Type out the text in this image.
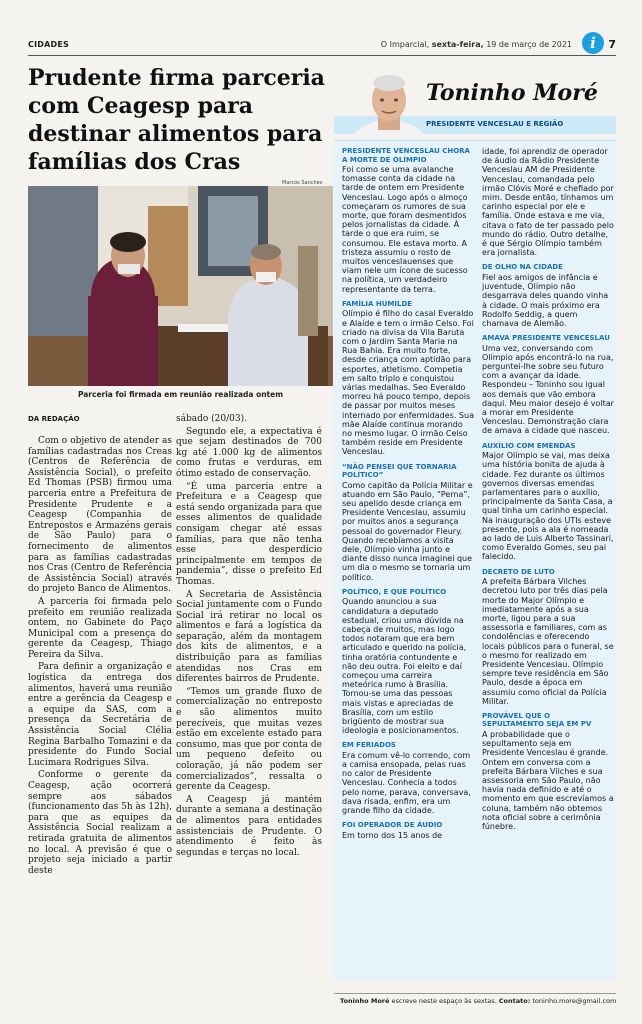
CIDADES	O Imparcial, sexta-feira, 19 de março de 2021	i	7
Prudente firma parceria com Ceagesp para destinar alimentos para famílias dos Cras
Marcos Sanches
Parceria foi firmada em reunião realizada ontem
DA REDAÇÃO

Com o objetivo de atender as famílias cadastradas nos Creas (Centros de Referência de Assistência Social), o prefeito Ed Thomas (PSB) firmou uma parceria entre a Prefeitura de Presidente Prudente e a Ceagesp (Companhia de Entrepostos e Armazéns gerais de São Paulo) para o fornecimento de alimentos para as famílias cadastradas nos Cras (Centro de Referência de Assistência Social) através do projeto Banco de Alimentos.

A parceria foi firmada pelo prefeito em reunião realizada ontem, no Gabinete do Paço Municipal com a presença do gerente da Ceagesp, Thiago Pereira da Silva.

Para definir a organização e logística da entrega dos alimentos, haverá uma reunião entre a gerência da Ceagesp e a equipe da SAS, com a presença da Secretária de Assistência Social Clélia Regina Barbalho Tomazini e da presidente do Fundo Social Lucimara Rodrigues Silva.

Conforme o gerente da Ceagesp, ação ocorrerá sempre aos sábados (funcionamento das 5h às 12h), para que as equipes da Assistência Social realizam a retirada gratuita de alimentos no local. A previsão é que o projeto seja iniciado a partir deste

sábado (20/03).

Segundo ele, a expectativa é que sejam destinados de 700 kg até 1.000 kg de alimentos como frutas e verduras, em ótimo estado de conservação.

“É uma parceria entre a Prefeitura e a Ceagesp que está sendo organizada para que esses alimentos de qualidade consigam chegar até essas famílias, para que não tenha esse desperdício principalmente em tempos de pandemia”, disse o prefeito Ed Thomas.

A Secretaria de Assistência Social juntamente com o Fundo Social irá retirar no local os alimentos e fará a logística da separação, além da montagem dos kits de alimentos, e a distribuição para as famílias atendidas nos Cras em diferentes bairros de Prudente.

“Temos um grande fluxo de comercialização no entreposto e são alimentos muito perecíveis, que muitas vezes estão em excelente estado para consumo, mas que por conta de um pequeno defeito ou coloração, já não podem ser comercializados”, ressalta o gerente da Ceagesp.

A Ceagesp já mantém durante a semana a destinação de alimentos para entidades assistenciais de Prudente. O atendimento é feito às segundas e terças no local.

Toninho Moré
PRESIDENTE VENCESLAU E REGIÃO
PRESIDENTE VENCESLAU CHORA A MORTE DE OLÍMPIO

Foi como se uma avalanche tomasse conta da cidade na tarde de ontem em Presidente Venceslau. Logo após o almoço começaram os rumores de sua morte, que foram desmentidos pelos jornalistas da cidade. À tarde o que era ruim, se consumou. Ele estava morto. A tristeza assumiu o rosto de muitos venceslauenses que viam nele um ícone de sucesso na política, um verdadeiro representante da terra.

FAMÍLIA HUMILDE

Olímpio é filho do casal Everaldo e Alaíde e tem o irmão Celso. Foi criado na divisa da Vila Baruta com o Jardim Santa Maria na Rua Bahia. Era muito forte, desde criança com aptidão para esportes, atletismo. Competia em salto triplo e conquistou várias medalhas. Seo Everaldo morreu há pouco tempo, depois de passar por muitos meses internado por enfermidades. Sua mãe Alaíde continua morando no mesmo lugar. O irmão Celso também reside em Presidente Venceslau.

“NÃO PENSEI QUE TORNARIA POLÍTICO”

Como capitão da Polícia Militar e atuando em São Paulo, “Perna”, seu apelido desde criança em Presidente Venceslau, assumiu por muitos anos a segurança pessoal do governador Fleury. Quando recebíamos a visita dele, Olímpio vinha junto e diante disso nunca imaginei que um dia o mesmo se tornaria um político.

POLÍTICO, E QUE POLÍTICO

Quando anunciou a sua candidatura a deputado estadual, criou uma dúvida na cabeça de muitos, mas logo todos notaram que era bem articulado e querido na polícia, tinha oratória contundente e não deu outra. Foi eleito e daí começou uma carreira meteórica rumo à Brasília. Tornou-se uma das pessoas mais vistas e apreciadas de Brasília, com um estilo brigüento de mostrar sua ideologia e posicionamentos.

EM FERIADOS

Era comum vê-lo correndo, com a camisa ensopada, pelas ruas no calor de Presidente Venceslau. Conhecia a todos pelo nome, parava, conversava, dava risada, enfim, era um grande filho da cidade.

FOI OPERADOR DE ÁUDIO

Em torno dos 15 anos de

idade, foi aprendiz de operador de áudio da Rádio Presidente Venceslau AM de Presidente Venceslau, comandada pelo irmão Clóvis Moré e chefiado por mim. Desde então, tínhamos um carinho especial por ele e família. Onde estava e me via, citava o fato de ter passado pelo mundo do rádio. Outro detalhe, é que Sérgio Olímpio também era jornalista.

DE OLHO NA CIDADE

Fiel aos amigos de infância e juventude, Olímpio não desgarrava deles quando vinha à cidade. O mais próximo era Rodolfo Seddig, a quem chamava de Alemão.

AMAVA PRESIDENTE VENCESLAU

Uma vez, conversando com Olímpio após encontrá-lo na rua, perguntei-lhe sobre seu futuro com a avançar da idade. Respondeu – Toninho sou igual aos demais que vão embora daqui. Meu maior desejo é voltar a morar em Presidente Venceslau. Demonstração clara de amava a cidade que nasceu.

AUXÍLIO COM EMENDAS

Major Olímpio se vai, mas deixa uma história bonita de ajuda à cidade. Fez durante os últimos governos diversas emendas parlamentares para o auxílio, principalmente da Santa Casa, a qual tinha um carinho especial. Na inauguração dos UTIs esteve presente, pois a ala é nomeada ao lado de Luis Alberto Tassinari, como Everaldo Gomes, seu pai falecido.

DECRETO DE LUTO

A prefeita Bárbara Vilches decretou luto por três dias pela morte do Major Olímpio e imediatamente após a sua morte, ligou para a sua assessoria e familiares, com as condolências e oferecendo locais públicos para o funeral, se o mesmo for realizado em Presidente Venceslau. Olímpio sempre teve residência em São Paulo, desde a época em assumiu como oficial da Polícia Militar.

PROVÁVEL QUE O SEPULTAMENTO SEJA EM PV

A probabilidade que o sepultamento seja em Presidente Venceslau é grande. Ontem em conversa com a prefeita Bárbara Vilches e sua assessoria em São Paulo, não havia nada definido e até o momento em que escrevíamos a coluna, também não obtemos nota oficial sobre a cerimônia fúnebre.

Toninho Moré escreve neste espaço às sextas. Contato: toninho.more@gmail.com
